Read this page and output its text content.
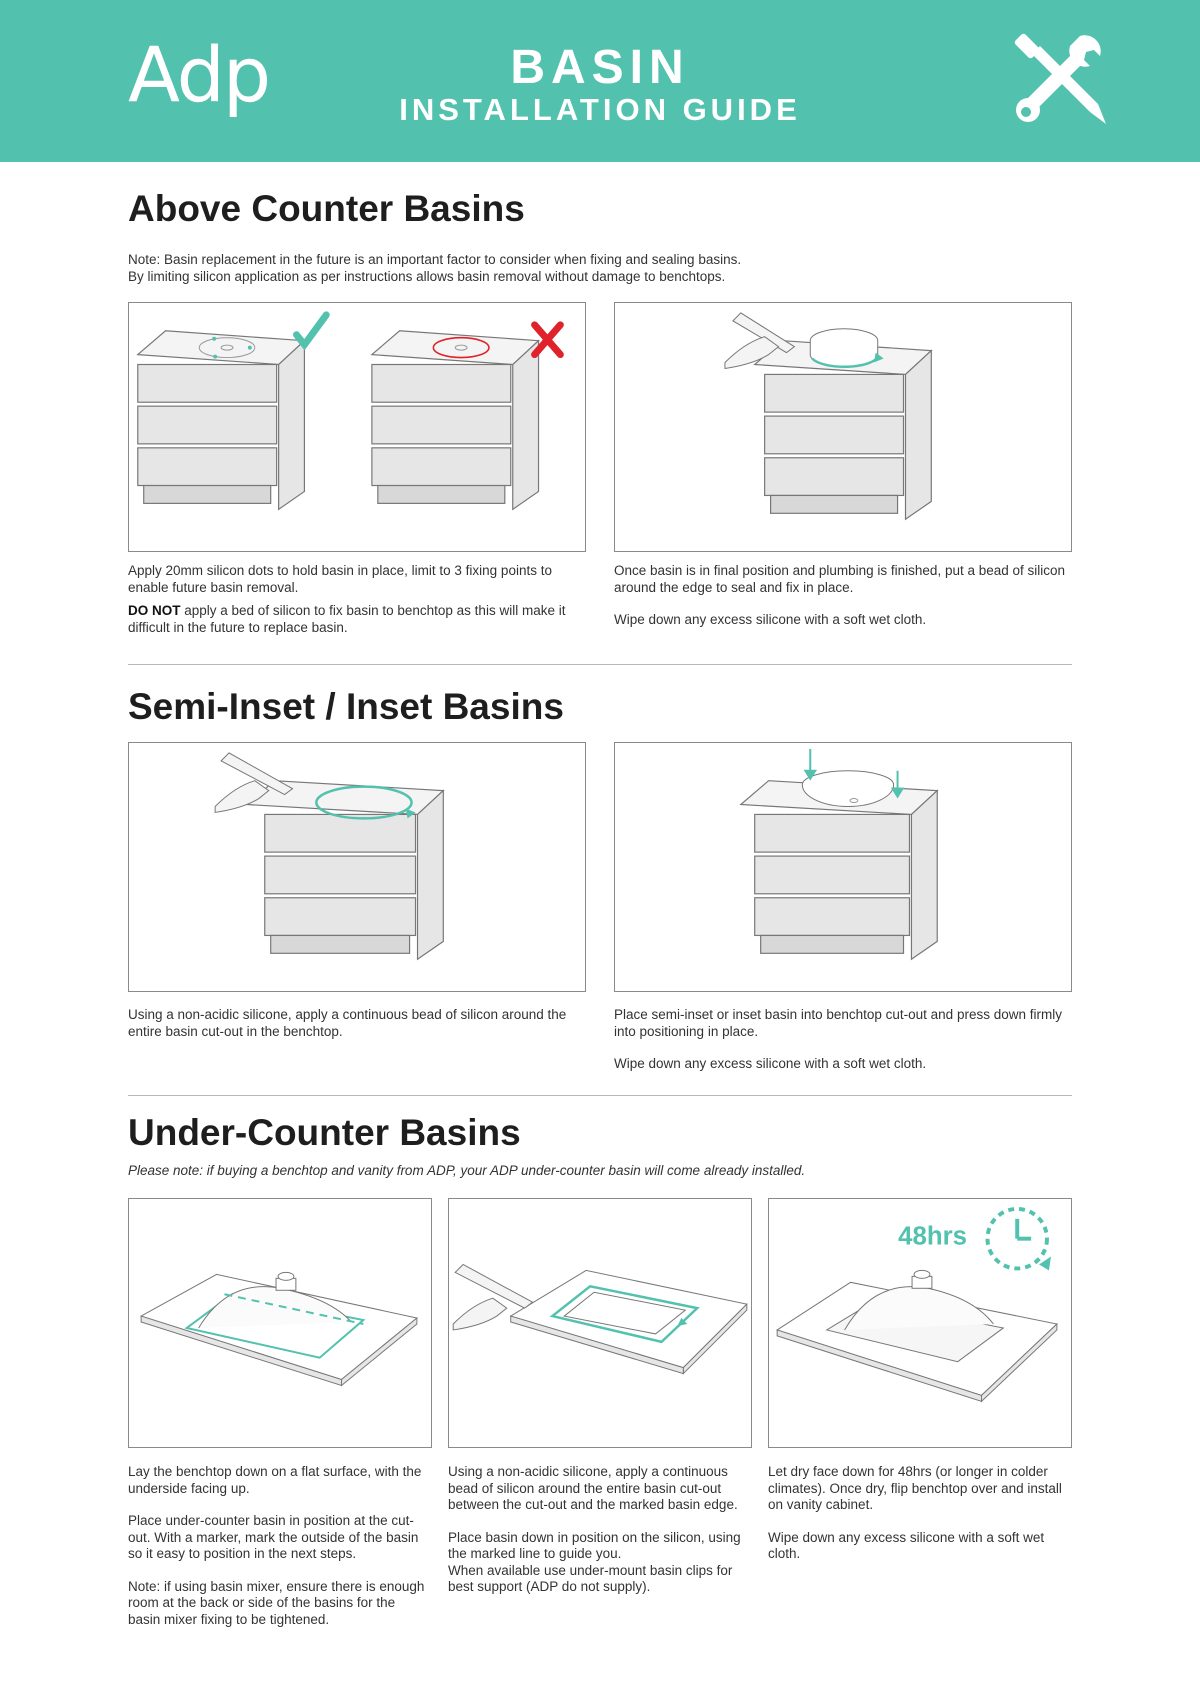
Adp	BASIN
INSTALLATION GUIDE
Above Counter Basins

Note: Basin replacement in the future is an important factor to consider when fixing and sealing basins.
By limiting silicon application as per instructions allows basin removal without damage to benchtops.

Apply 20mm silicon dots to hold basin in place, limit to 3 fixing points to enable future basin removal.

DO NOT apply a bed of silicon to fix basin to benchtop as this will make it difficult in the future to replace basin.

Once basin is in final position and plumbing is finished, put a bead of silicon around the edge to seal and fix in place.

Wipe down any excess silicone with a soft wet cloth.

Semi-Inset / Inset Basins

Using a non-acidic silicone, apply a continuous bead of silicon around the entire basin cut-out in the benchtop.

Place semi-inset or inset basin into benchtop cut-out and press down firmly into positioning in place.

Wipe down any excess silicone with a soft wet cloth.

Under-Counter Basins

Please note: if buying a benchtop and vanity from ADP, your ADP under-counter basin will come already installed.

48hrs

Lay the benchtop down on a flat surface, with the underside facing up.

Place under-counter basin in position at the cut-out. With a marker, mark the outside of the basin so it easy to position in the next steps.

Note: if using basin mixer, ensure there is enough room at the back or side of the basins for the basin mixer fixing to be tightened.

Using a non-acidic silicone, apply a continuous bead of silicon around the entire basin cut-out between the cut-out and the marked basin edge.

Place basin down in position on the silicon, using the marked line to guide you.

When available use under-mount basin clips for best support (ADP do not supply).

Let dry face down for 48hrs (or longer in colder climates). Once dry, flip benchtop over and install on vanity cabinet.

Wipe down any excess silicone with a soft wet cloth.
